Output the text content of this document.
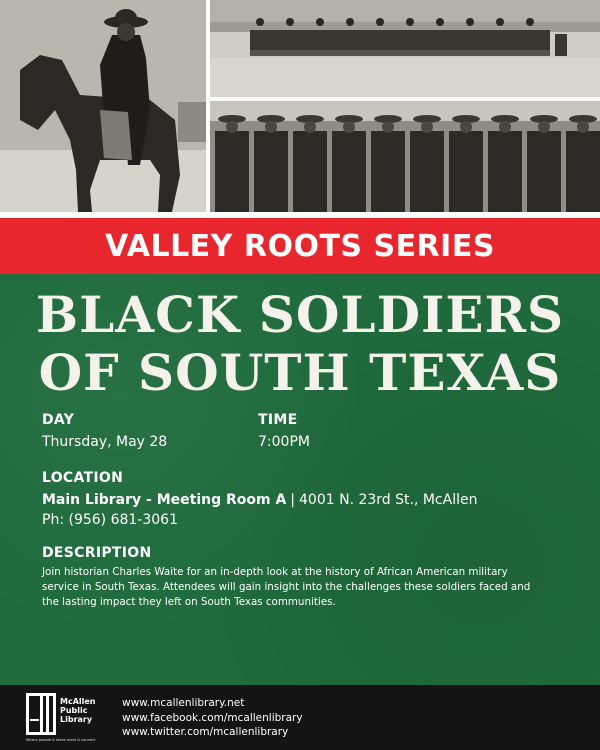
VALLEY ROOTS SERIES
BLACK SOLDIERS
OF SOUTH TEXAS
DAY
Thursday, May 28
TIME
7:00PM
LOCATION
Main Library - Meeting Room A | 4001 N. 23rd St., McAllen
Ph: (956) 681-3061
DESCRIPTION
Join historian Charles Waite for an in-depth look at the history of African American military service in South Texas. Attendees will gain insight into the challenges these soldiers faced and the lasting impact they left on South Texas communities.
McAllen
Public
Library
Where people & ideas meet & connect
www.mcallenlibrary.net
www.facebook.com/mcallenlibrary
www.twitter.com/mcallenlibrary
